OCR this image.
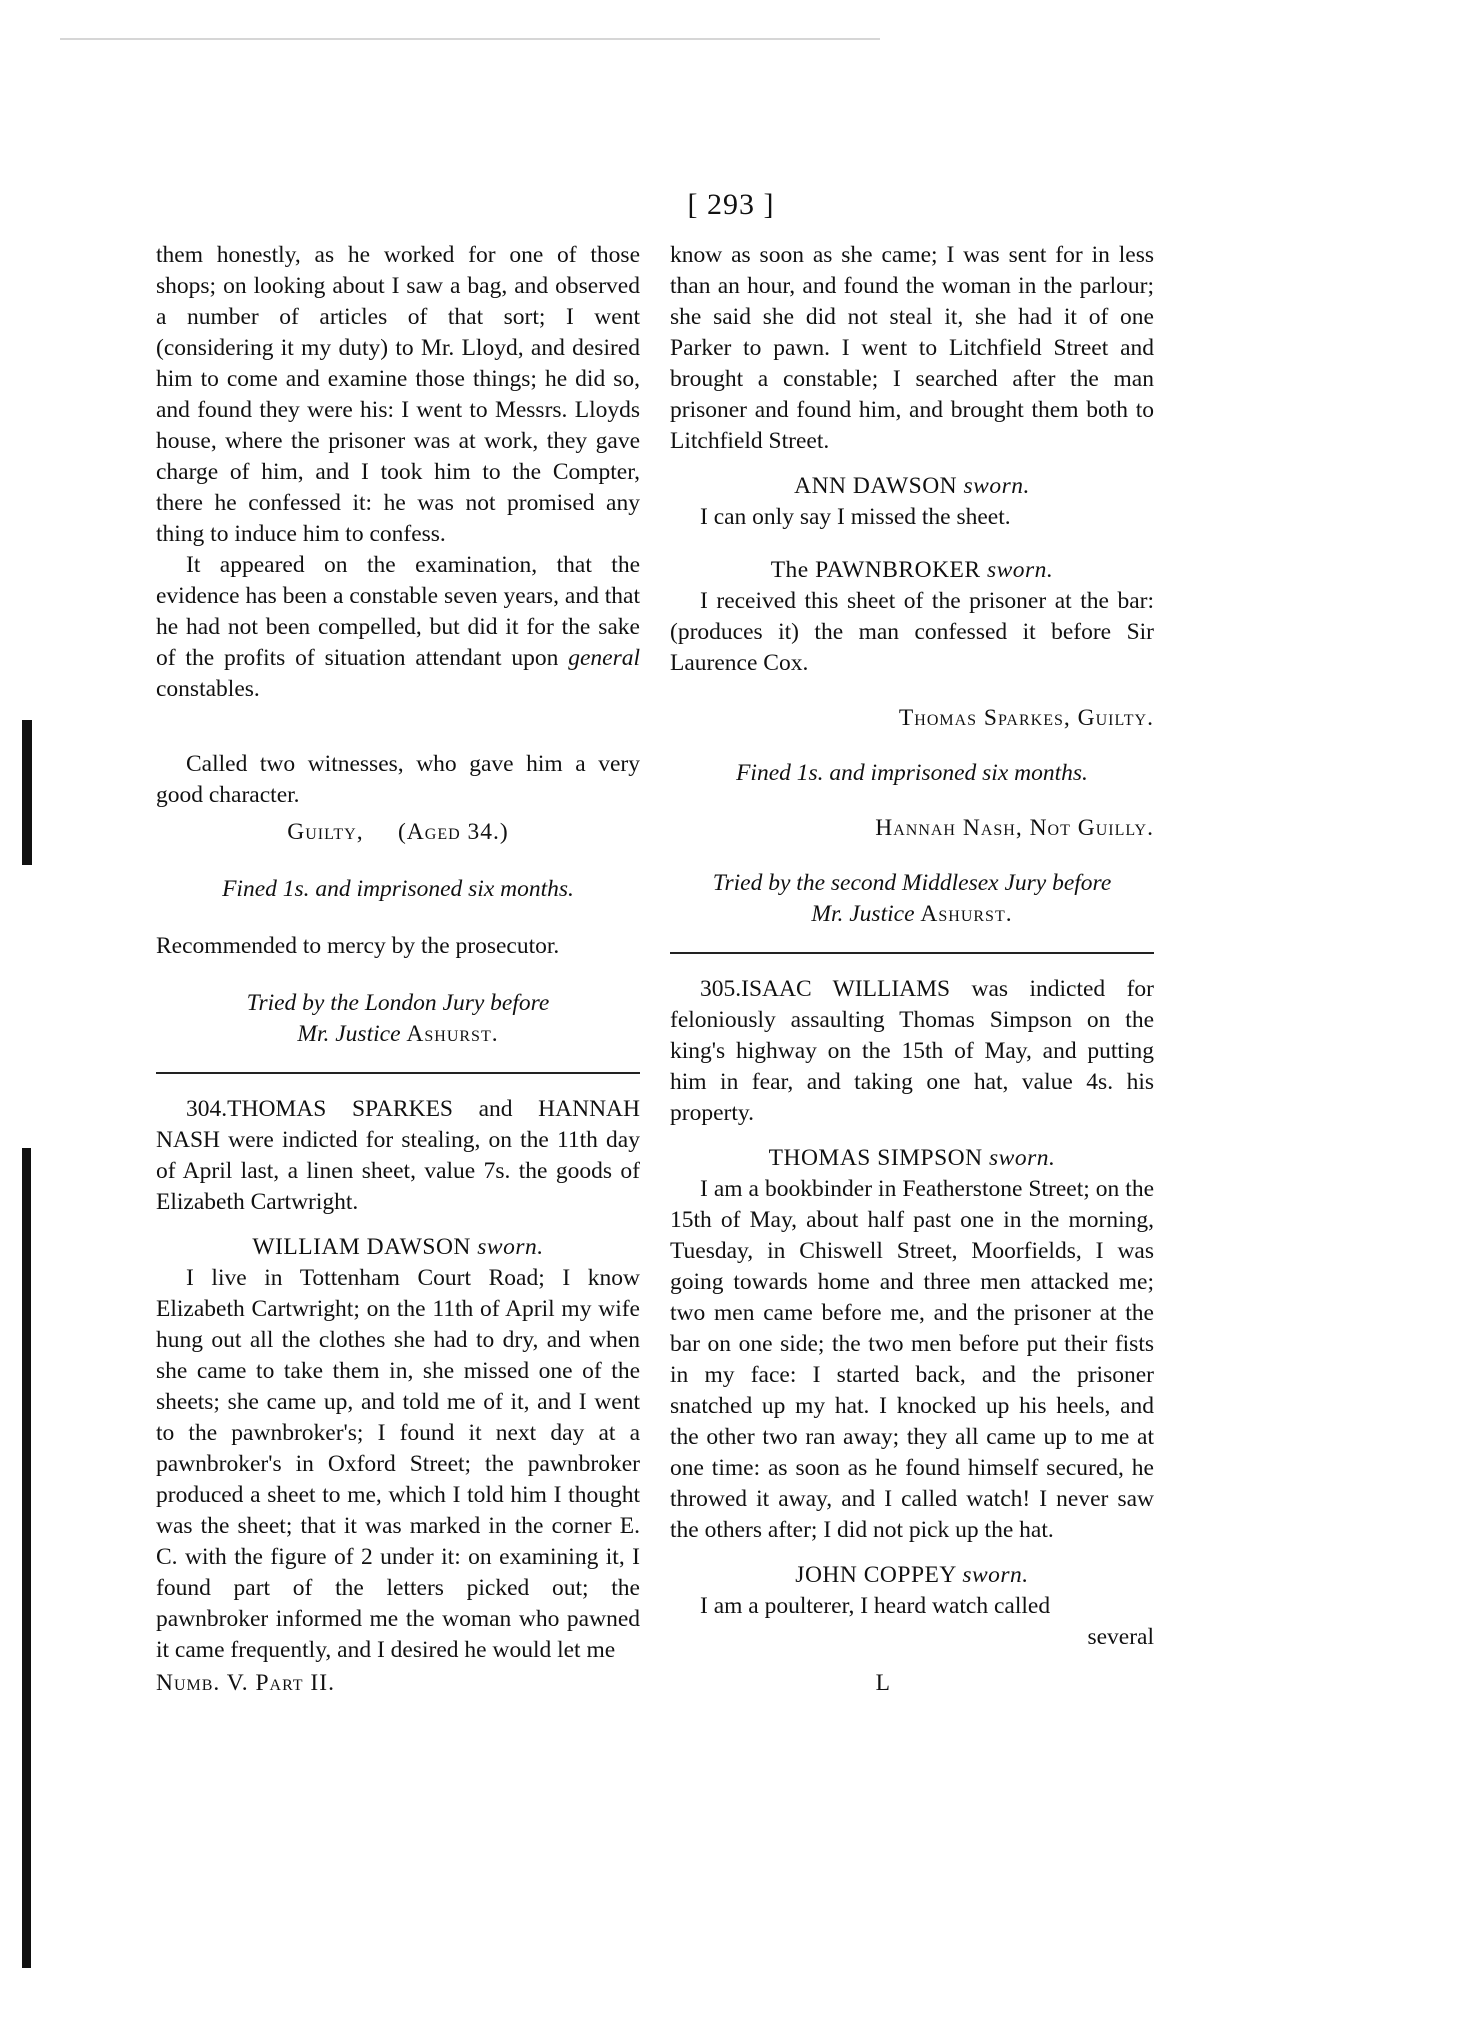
[ 293 ]

them honestly, as he worked for one of those shops; on looking about I saw a bag, and observed a number of articles of that sort; I went (considering it my duty) to Mr. Lloyd, and desired him to come and examine those things; he did so, and found they were his: I went to Messrs. Lloyds house, where the prisoner was at work, they gave charge of him, and I took him to the Compter, there he confessed it: he was not promised any thing to induce him to confess.

It appeared on the examination, that the evidence has been a constable seven years, and that he had not been compelled, but did it for the sake of the profits of situation attendant upon general constables.

Called two witnesses, who gave him a very good character.

Guilty,     (Aged 34.)

Fined 1s. and imprisoned six months.

Recommended to mercy by the prosecutor.

Tried by the London Jury before

Mr. Justice Ashurst.

304.THOMAS SPARKES and HANNAH NASH were indicted for stealing, on the 11th day of April last, a linen sheet, value 7s. the goods of Elizabeth Cartwright.

WILLIAM DAWSON sworn.

I live in Tottenham Court Road; I know Elizabeth Cartwright; on the 11th of April my wife hung out all the clothes she had to dry, and when she came to take them in, she missed one of the sheets; she came up, and told me of it, and I went to the pawnbroker's; I found it next day at a pawnbroker's in Oxford Street; the pawnbroker produced a sheet to me, which I told him I thought was the sheet; that it was marked in the corner E. C. with the figure of 2 under it: on examining it, I found part of the letters picked out; the pawnbroker informed me the woman who pawned it came frequently, and I desired he would let me

Numb. V. Part II.	L

know as soon as she came; I was sent for in less than an hour, and found the woman in the parlour; she said she did not steal it, she had it of one Parker to pawn. I went to Litchfield Street and brought a constable; I searched after the man prisoner and found him, and brought them both to Litchfield Street.

ANN DAWSON sworn.

I can only say I missed the sheet.

The PAWNBROKER sworn.

I received this sheet of the prisoner at the bar: (produces it) the man confessed it before Sir Laurence Cox.

Thomas Sparkes, Guilty.

Fined 1s. and imprisoned six months.

Hannah Nash, Not Guilly.

Tried by the second Middlesex Jury before

Mr. Justice Ashurst.

305.ISAAC WILLIAMS was indicted for feloniously assaulting Thomas Simpson on the king's highway on the 15th of May, and putting him in fear, and taking one hat, value 4s. his property.

THOMAS SIMPSON sworn.

I am a bookbinder in Featherstone Street; on the 15th of May, about half past one in the morning, Tuesday, in Chiswell Street, Moorfields, I was going towards home and three men attacked me; two men came before me, and the prisoner at the bar on one side; the two men before put their fists in my face: I started back, and the prisoner snatched up my hat. I knocked up his heels, and the other two ran away; they all came up to me at one time: as soon as he found himself secured, he throwed it away, and I called watch! I never saw the others after; I did not pick up the hat.

JOHN COPPEY sworn.

I am a poulterer, I heard watch called

several
